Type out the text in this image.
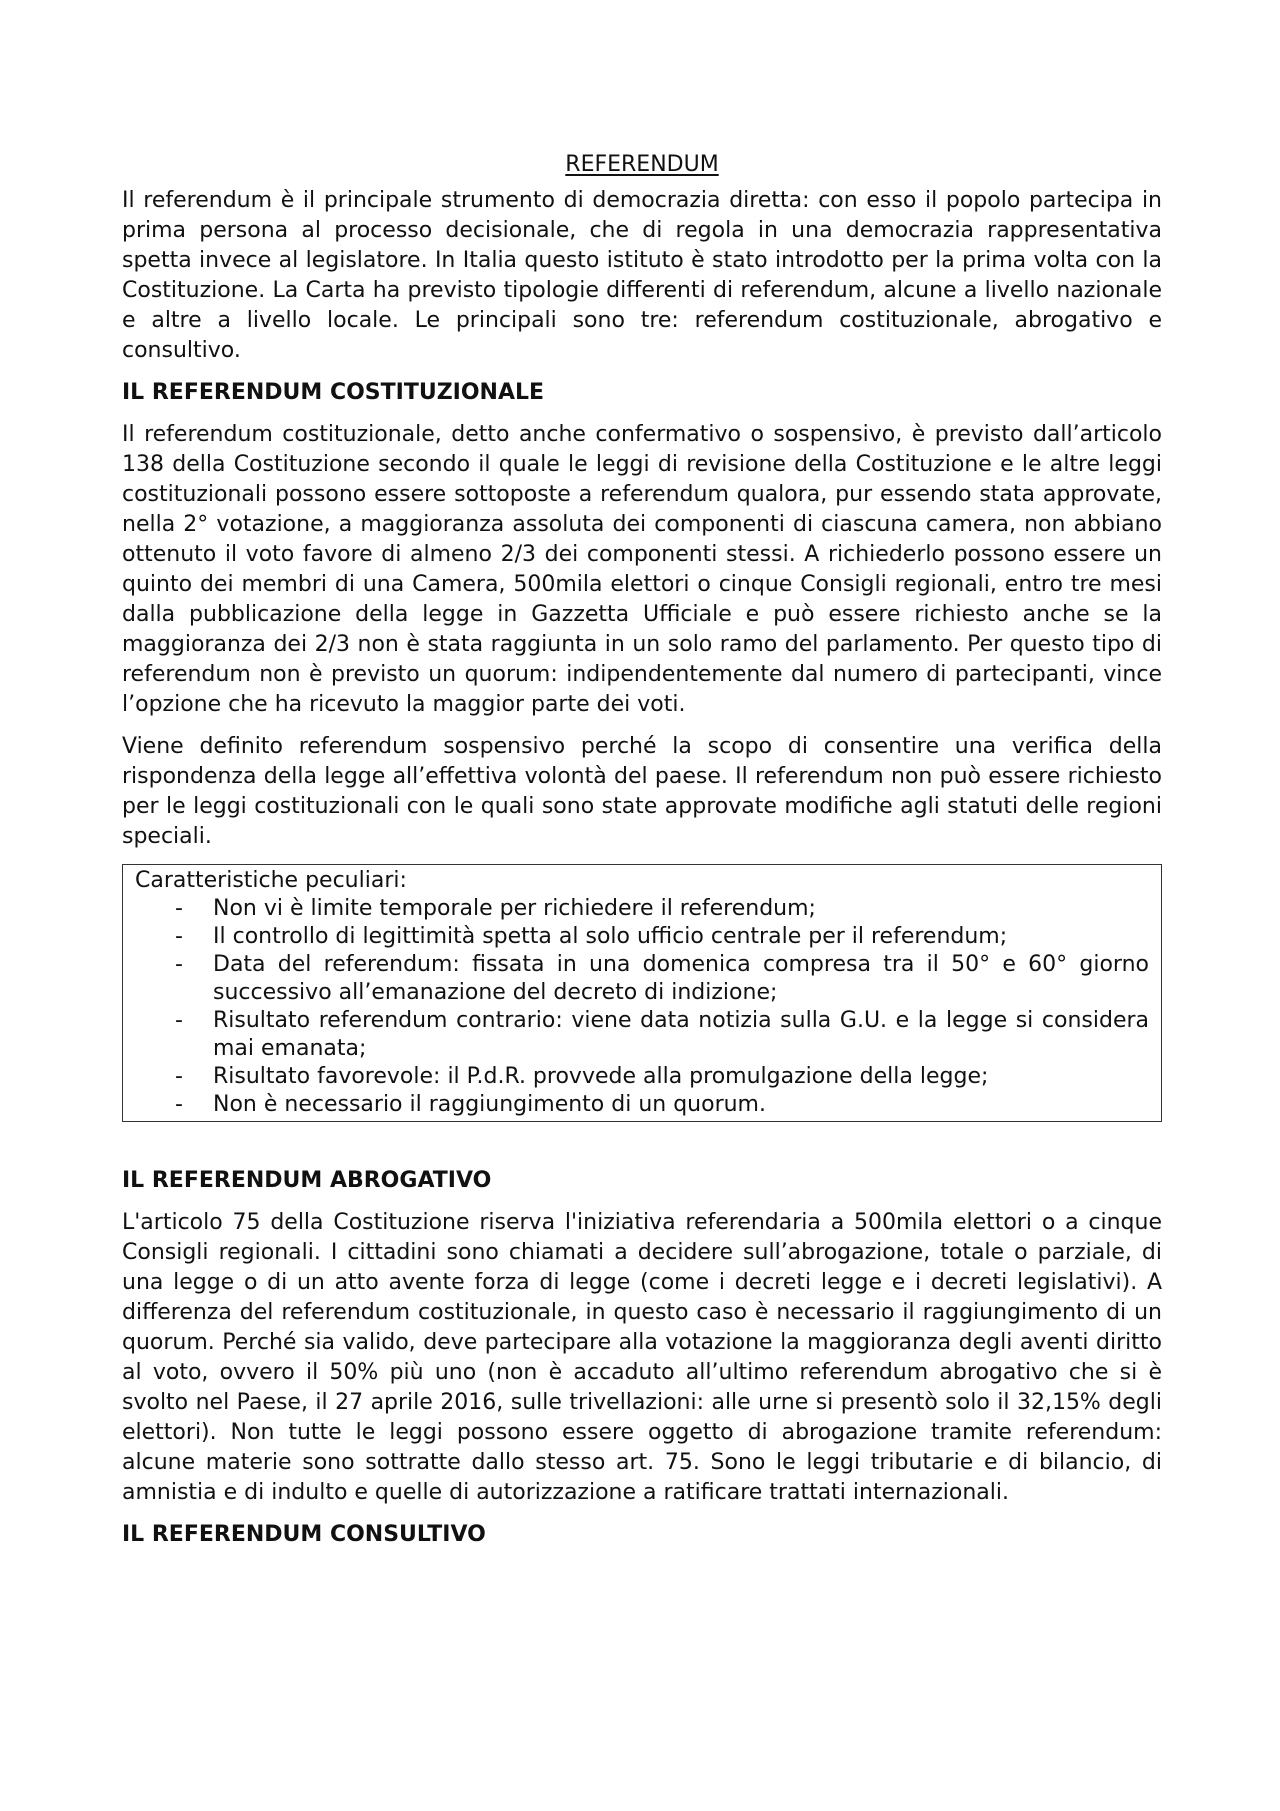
REFERENDUM

Il referendum è il principale strumento di democrazia diretta: con esso il popolo partecipa in prima persona al processo decisionale, che di regola in una democrazia rappresentativa spetta invece al legislatore. In Italia questo istituto è stato introdotto per la prima volta con la Costituzione. La Carta ha previsto tipologie differenti di referendum, alcune a livello nazionale e altre a livello locale. Le principali sono tre: referendum costituzionale, abrogativo e consultivo.

IL REFERENDUM COSTITUZIONALE

Il referendum costituzionale, detto anche confermativo o sospensivo, è previsto dall’articolo 138 della Costituzione secondo il quale le leggi di revisione della Costituzione e le altre leggi costituzionali possono essere sottoposte a referendum qualora, pur essendo stata approvate, nella 2° votazione, a maggioranza assoluta dei componenti di ciascuna camera, non abbiano ottenuto il voto favore di almeno 2/3 dei componenti stessi. A richiederlo possono essere un quinto dei membri di una Camera, 500mila elettori o cinque Consigli regionali, entro tre mesi dalla pubblicazione della legge in Gazzetta Ufficiale e può essere richiesto anche se la maggioranza dei 2/3 non è stata raggiunta in un solo ramo del parlamento. Per questo tipo di referendum non è previsto un quorum: indipendentemente dal numero di partecipanti, vince l’opzione che ha ricevuto la maggior parte dei voti.

Viene definito referendum sospensivo perché la scopo di consentire una verifica della rispondenza della legge all’effettiva volontà del paese. Il referendum non può essere richiesto per le leggi costituzionali con le quali sono state approvate modifiche agli statuti delle regioni speciali.

Caratteristiche peculiari:
- Non vi è limite temporale per richiedere il referendum;
- Il controllo di legittimità spetta al solo ufficio centrale per il referendum;
- Data del referendum: fissata in una domenica compresa tra il 50° e 60° giorno successivo all’emanazione del decreto di indizione;
- Risultato referendum contrario: viene data notizia sulla G.U. e la legge si considera mai emanata;
- Risultato favorevole: il P.d.R. provvede alla promulgazione della legge;
- Non è necessario il raggiungimento di un quorum.
IL REFERENDUM ABROGATIVO

L'articolo 75 della Costituzione riserva l'iniziativa referendaria a 500mila elettori o a cinque Consigli regionali. I cittadini sono chiamati a decidere sull’abrogazione, totale o parziale, di una legge o di un atto avente forza di legge (come i decreti legge e i decreti legislativi). A differenza del referendum costituzionale, in questo caso è necessario il raggiungimento di un quorum. Perché sia valido, deve partecipare alla votazione la maggioranza degli aventi diritto al voto, ovvero il 50% più uno (non è accaduto all’ultimo referendum abrogativo che si è svolto nel Paese, il 27 aprile 2016, sulle trivellazioni: alle urne si presentò solo il 32,15% degli elettori). Non tutte le leggi possono essere oggetto di abrogazione tramite referendum: alcune materie sono sottratte dallo stesso art. 75. Sono le leggi tributarie e di bilancio, di amnistia e di indulto e quelle di autorizzazione a ratificare trattati internazionali.

IL REFERENDUM CONSULTIVO
